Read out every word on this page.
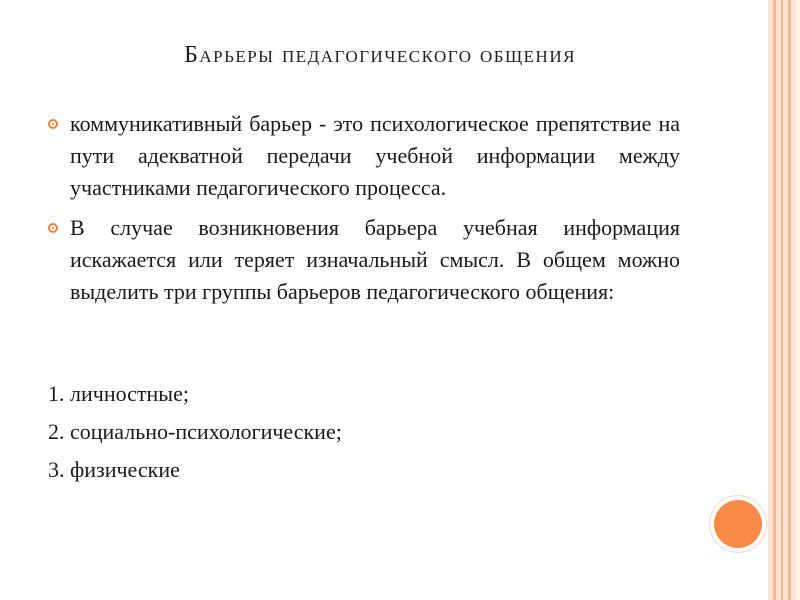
Барьеры педагогического общения
коммуникативный барьер - это психологическое препятствие на пути адекватной передачи учебной информации между участниками педагогического процесса.
В случае возникновения барьера учебная информация искажается или теряет изначальный смысл. В общем можно выделить три группы барьеров педагогического общения:
1. личностные;
2. социально-психологические;
3. физические
